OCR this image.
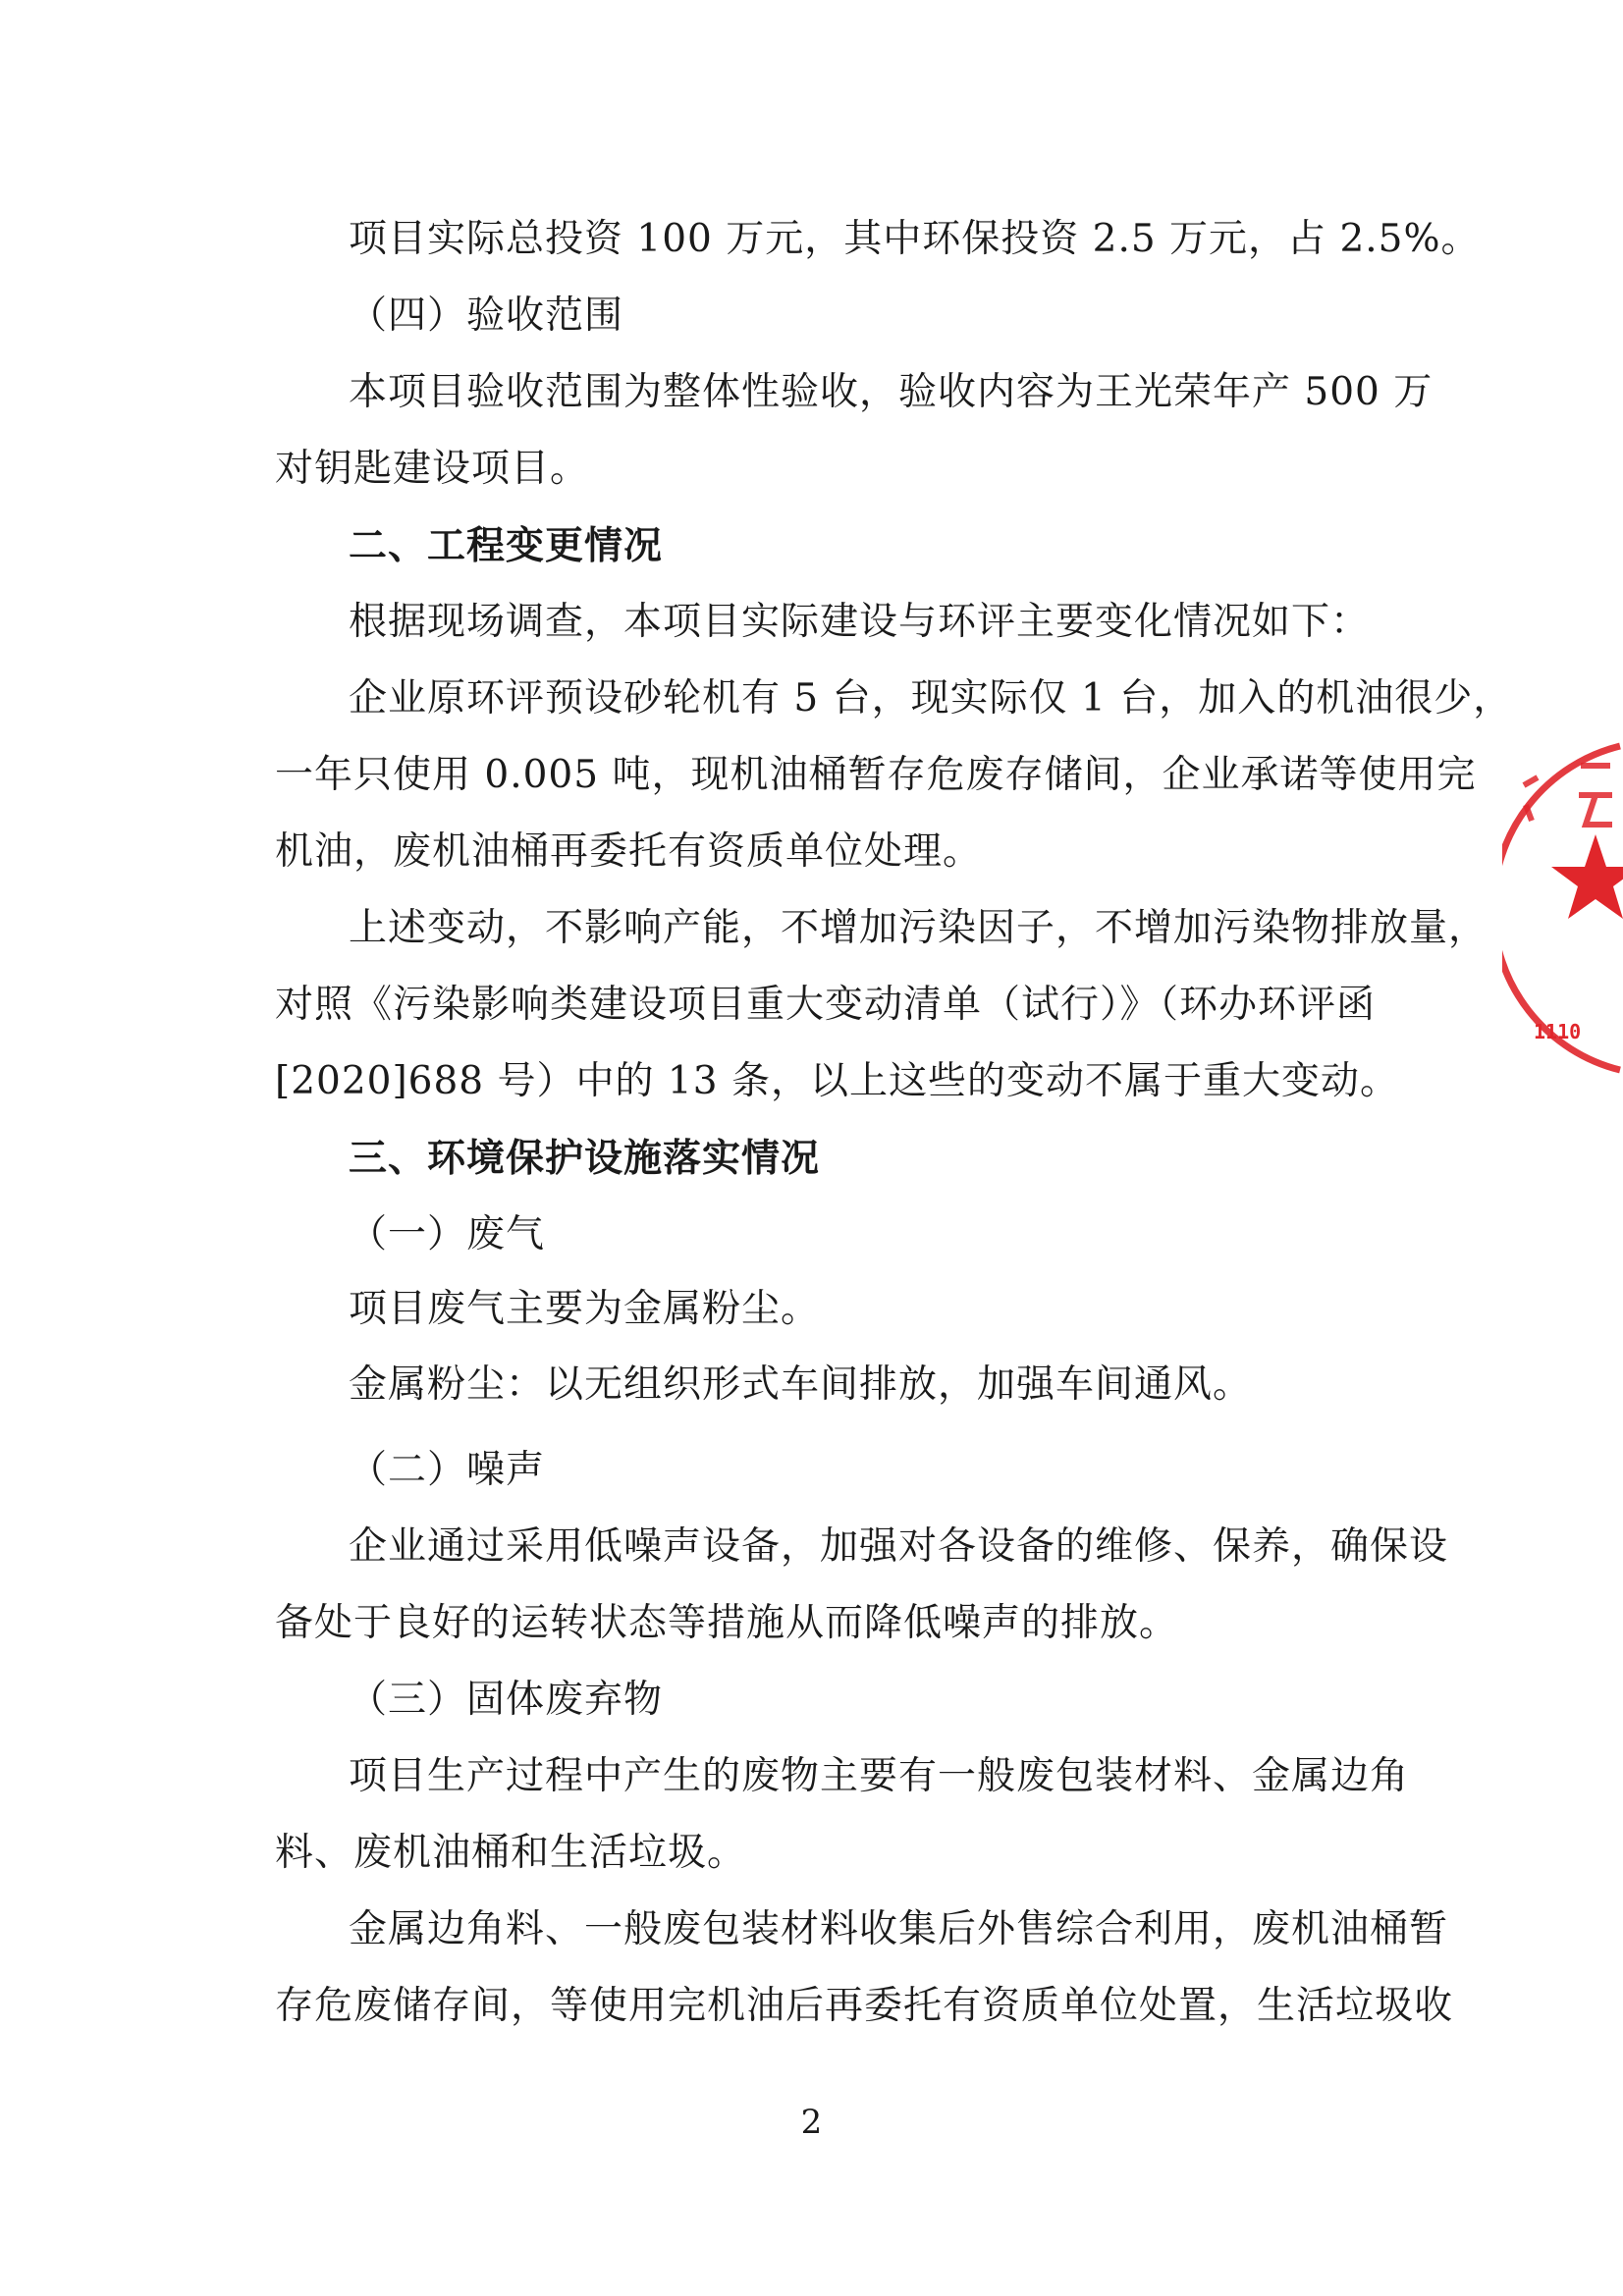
项目实际总投资 100 万元，其中环保投资 2.5 万元，占 2.5%。
（四）验收范围
本项目验收范围为整体性验收，验收内容为王光荣年产 500 万
对钥匙建设项目。
二、工程变更情况
根据现场调查，本项目实际建设与环评主要变化情况如下：
企业原环评预设砂轮机有 5 台，现实际仅 1 台，加入的机油很少，
一年只使用 0.005 吨，现机油桶暂存危废存储间，企业承诺等使用完
机油，废机油桶再委托有资质单位处理。
上述变动，不影响产能，不增加污染因子，不增加污染物排放量，
对照《污染影响类建设项目重大变动清单（试行）》（环办环评函
[2020]688 号）中的 13 条，以上这些的变动不属于重大变动。
三、环境保护设施落实情况
（一）废气
项目废气主要为金属粉尘。
金属粉尘：以无组织形式车间排放，加强车间通风。
（二）噪声
企业通过采用低噪声设备，加强对各设备的维修、保养，确保设
备处于良好的运转状态等措施从而降低噪声的排放。
（三）固体废弃物
项目生产过程中产生的废物主要有一般废包装材料、金属边角
料、废机油桶和生活垃圾。
金属边角料、一般废包装材料收集后外售综合利用，废机油桶暂
存危废储存间，等使用完机油后再委托有资质单位处置，生活垃圾收
2
1110
